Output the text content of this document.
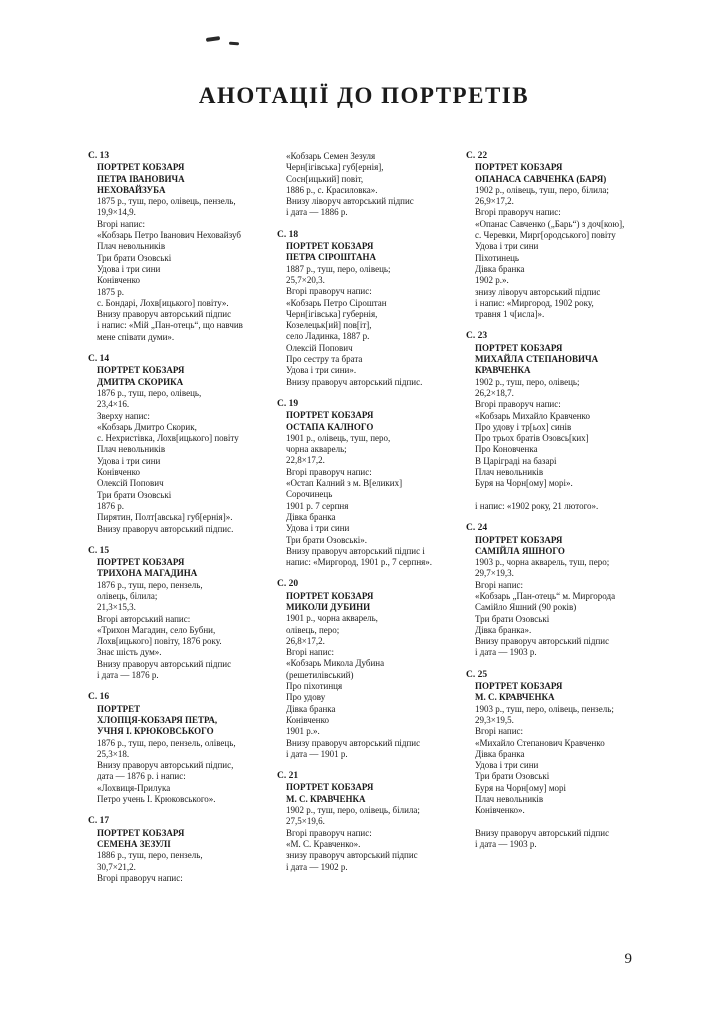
АНОТАЦІЇ ДО ПОРТРЕТІВ
С. 13
ПОРТРЕТ КОБЗАРЯ
ПЕТРА ІВАНОВИЧА
НЕХОВАЙЗУБА
1875 р., туш, перо, олівець, пензель,
19,9×14,9.
Вгорі напис:
«Кобзарь Петро Іванович Неховайзуб
Плач невольників
Три брати Озовські
Удова і три сини
Конівченко
1875 р.
с. Бондарі, Лохв[ицького] повіту».
Внизу праворуч авторський підпис
і напис: «Мій „Пан-отець“, що навчив
мене співати думи».
С. 14
ПОРТРЕТ КОБЗАРЯ
ДМИТРА СКОРИКА
1876 р., туш, перо, олівець,
23,4×16.
Зверху напис:
«Кобзарь Дмитро Скорик,
с. Нехристівка, Лохв[ицького] повіту
Плач невольників
Удова і три сини
Конівченко
Олексій Попович
Три брати Озовські
1876 р.
Пирятин, Полт[авська] губ[ернія]».
Внизу праворуч авторський підпис.
С. 15
ПОРТРЕТ КОБЗАРЯ
ТРИХОНА МАГАДИНА
1876 р., туш, перо, пензель,
олівець, білила;
21,3×15,3.
Вгорі авторський напис:
«Трихон Магадин, село Бубни,
Лохв[ицького] повіту, 1876 року.
Знає шість дум».
Внизу праворуч авторський підпис
і дата — 1876 р.
С. 16
ПОРТРЕТ
ХЛОПЦЯ-КОБЗАРЯ ПЕТРА,
УЧНЯ І. КРЮКОВСЬКОГО
1876 р., туш, перо, пензель, олівець,
25,3×18.
Внизу праворуч авторський підпис,
дата — 1876 р. і напис:
«Лохвиця-Прилука
Петро учень І. Крюковського».
С. 17
ПОРТРЕТ КОБЗАРЯ
СЕМЕНА ЗЕЗУЛІ
1886 р., туш, перо, пензель,
30,7×21,2.
Вгорі праворуч напис:
«Кобзарь Семен Зезуля
Черн[ігівська] губ[ернія],
Сосн[ицький] повіт,
1886 р., с. Красиловка».
Внизу ліворуч авторський підпис
і дата — 1886 р.
С. 18
ПОРТРЕТ КОБЗАРЯ
ПЕТРА СІРОШТАНА
1887 р., туш, перо, олівець;
25,7×20,3.
Вгорі праворуч напис:
«Кобзарь Петро Сіроштан
Черн[ігівська] губернія,
Козелецьк[ий] пов[іт],
село Ладинка, 1887 р.
Олексій Попович
Про сестру та брата
Удова і три сини».
Внизу праворуч авторський підпис.
С. 19
ПОРТРЕТ КОБЗАРЯ
ОСТАПА КАЛНОГО
1901 р., олівець, туш, перо,
чорна акварель;
22,8×17,2.
Вгорі праворуч напис:
«Остап Калний з м. В[еликих]
Сорочинець
1901 р. 7 серпня
Дівка бранка
Удова і три сини
Три брати Озовські».
Внизу праворуч авторський підпис і
напис: «Миргород, 1901 р., 7 серпня».
С. 20
ПОРТРЕТ КОБЗАРЯ
МИКОЛИ ДУБИНИ
1901 р., чорна акварель,
олівець, перо;
26,8×17,2.
Вгорі напис:
«Кобзарь Микола Дубина
(решетилівський)
Про піхотинця
Про удову
Дівка бранка
Конівченко
1901 р.».
Внизу праворуч авторський підпис
і дата — 1901 р.
С. 21
ПОРТРЕТ КОБЗАРЯ
М. С. КРАВЧЕНКА
1902 р., туш, перо, олівець, білила;
27,5×19,6.
Вгорі праворуч напис:
«М. С. Кравченко».
знизу праворуч авторський підпис
і дата — 1902 р.
С. 22
ПОРТРЕТ КОБЗАРЯ
ОПАНАСА САВЧЕНКА (БАРЯ)
1902 р., олівець, туш, перо, білила;
26,9×17,2.
Вгорі праворуч напис:
«Опанас Савченко („Барь“) з доч[кою],
с. Черевки, Мирг[ородського] повіту
Удова і три сини
Піхотинець
Дівка бранка
1902 р.».
знизу ліворуч авторський підпис
і напис: «Миргород, 1902 року,
травня 1 ч[исла]».
С. 23
ПОРТРЕТ КОБЗАРЯ
МИХАЙЛА СТЕПАНОВИЧА
КРАВЧЕНКА
1902 р., туш, перо, олівець;
26,2×18,7.
Вгорі праворуч напис:
«Кобзарь Михайло Кравченко
Про удову і тр[ьох] синів
Про трьох братів Озовсь[ких]
Про Коновченка
В Царіграді на базарі
Плач невольників
Буря на Чорн[ому] морі».
і напис: «1902 року, 21 лютого».
С. 24
ПОРТРЕТ КОБЗАРЯ
САМІЙЛА ЯШНОГО
1903 р., чорна акварель, туш, перо;
29,7×19,3.
Вгорі напис:
«Кобзарь „Пан-отець“ м. Миргорода
Самійло Яшний (90 років)
Три брати Озовські
Дівка бранка».
Внизу праворуч авторський підпис
і дата — 1903 р.
С. 25
ПОРТРЕТ КОБЗАРЯ
М. С. КРАВЧЕНКА
1903 р., туш, перо, олівець, пензель;
29,3×19,5.
Вгорі напис:
«Михайло Степанович Кравченко
Дівка бранка
Удова і три сини
Три брати Озовські
Буря на Чорн[ому] морі
Плач невольників
Конівченко».
Внизу праворуч авторський підпис
і дата — 1903 р.
9
